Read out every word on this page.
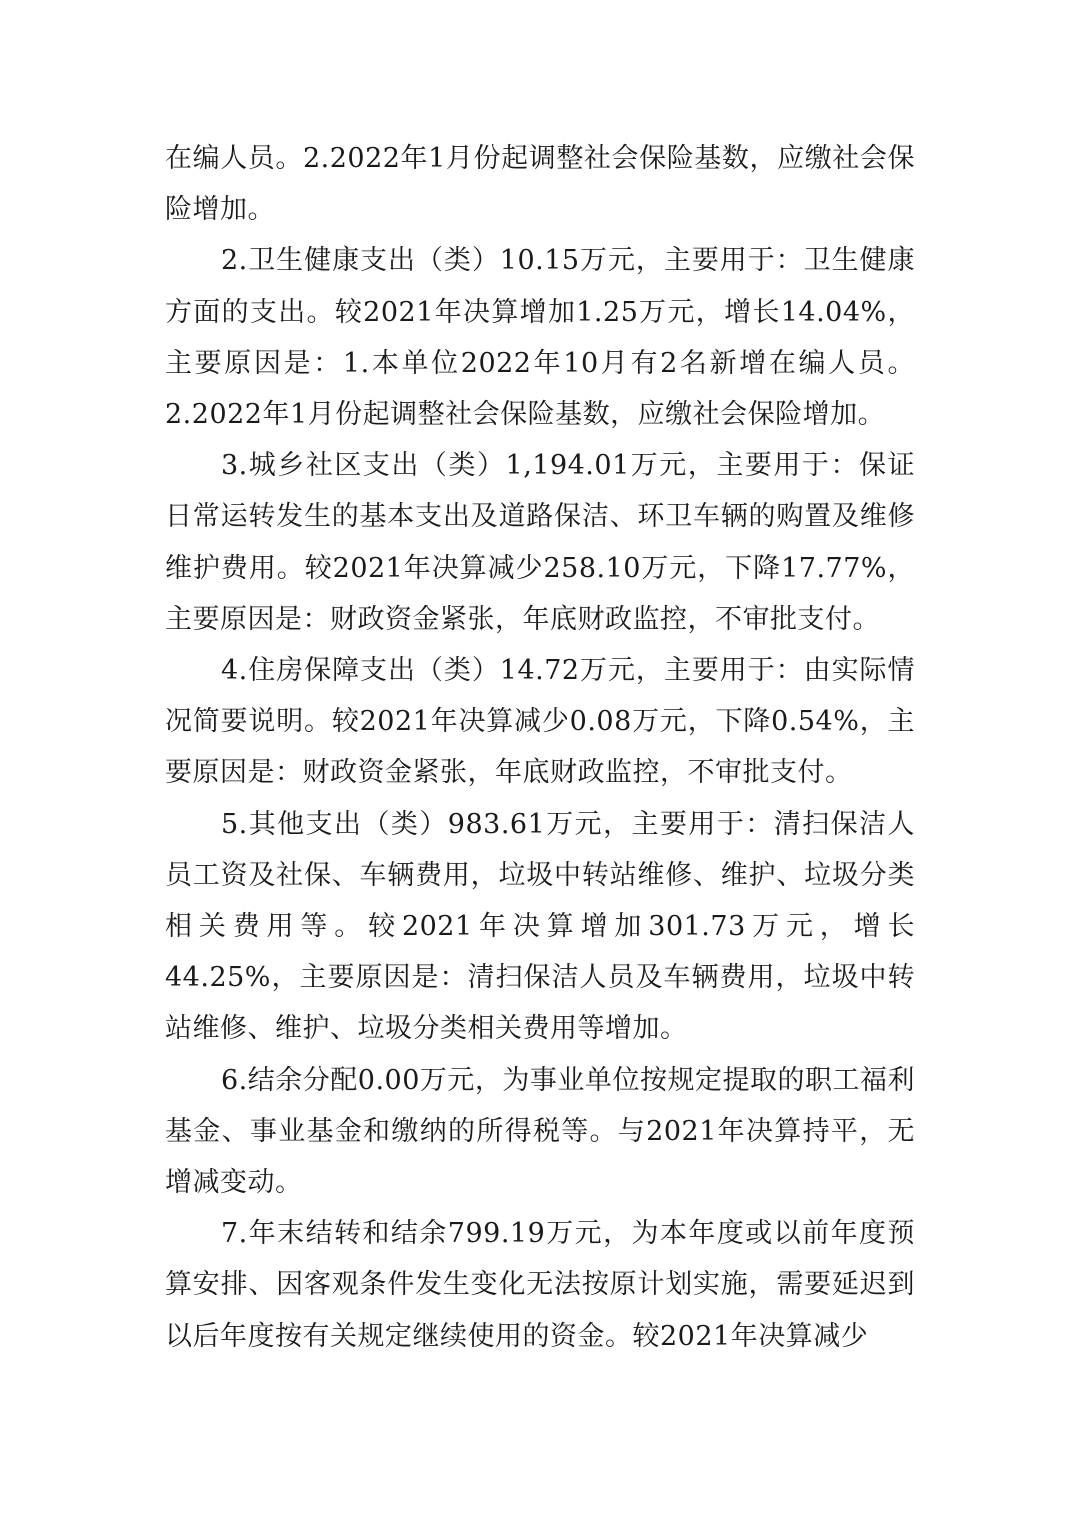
在编人员。2.2022年1月份起调整社会保险基数，应缴社会保险增加。

2.卫生健康支出（类）10.15万元，主要用于：卫生健康方面的支出。较2021年决算增加1.25万元，增长14.04%，主要原因是：1.本单位2022年10月有2名新增在编人员。2.2022年1月份起调整社会保险基数，应缴社会保险增加。

3.城乡社区支出（类）1,194.01万元，主要用于：保证日常运转发生的基本支出及道路保洁、环卫车辆的购置及维修维护费用。较2021年决算减少258.10万元，下降17.77%，主要原因是：财政资金紧张，年底财政监控，不审批支付。

4.住房保障支出（类）14.72万元，主要用于：由实际情况简要说明。较2021年决算减少0.08万元，下降0.54%，主要原因是：财政资金紧张，年底财政监控，不审批支付。

5.其他支出（类）983.61万元，主要用于：清扫保洁人员工资及社保、车辆费用，垃圾中转站维修、维护、垃圾分类相关费用等。较2021年决算增加301.73万元，增长44.25%，主要原因是：清扫保洁人员及车辆费用，垃圾中转站维修、维护、垃圾分类相关费用等增加。

6.结余分配0.00万元，为事业单位按规定提取的职工福利基金、事业基金和缴纳的所得税等。与2021年决算持平，无增减变动。

7.年末结转和结余799.19万元，为本年度或以前年度预算安排、因客观条件发生变化无法按原计划实施，需要延迟到以后年度按有关规定继续使用的资金。较2021年决算减少
